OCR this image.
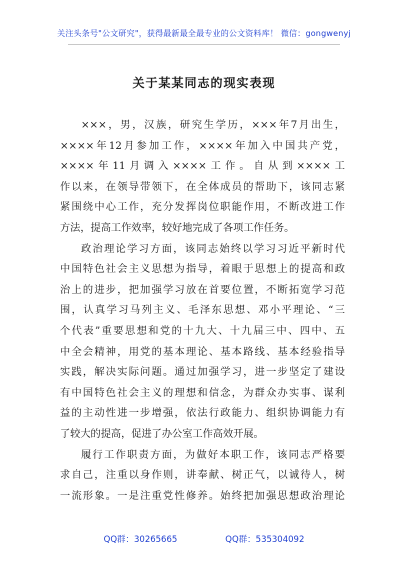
关注头条号"公文研究"，获得最新最全最专业的公文资料库！ 微信：gongwenyj
关于某某同志的现实表现
×××，男，汉族，研究生学历，×××年7月出生，
××××年12月参加工作，××××年加入中国共产党，
××××年11月调入××××工作。自从到××××工
作以来，在领导带领下，在全体成员的帮助下，该同志紧
紧围绕中心工作，充分发挥岗位职能作用，不断改进工作
方法，提高工作效率，较好地完成了各项工作任务。
政治理论学习方面，该同志始终以学习习近平新时代
中国特色社会主义思想为指导，着眼于思想上的提高和政
治上的进步，把加强学习放在首要位置，不断拓宽学习范
围，认真学习马列主义、毛泽东思想、邓小平理论、“三
个代表”重要思想和党的十九大、十九届三中、四中、五
中全会精神，用党的基本理论、基本路线、基本经验指导
实践，解决实际问题。通过加强学习，进一步坚定了建设
有中国特色社会主义的理想和信念，为群众办实事、谋利
益的主动性进一步增强，依法行政能力、组织协调能力有
了较大的提高，促进了办公室工作高效开展。
履行工作职责方面，为做好本职工作，该同志严格要
求自己，注重以身作则，讲奉献、树正气，以诚待人，树
一流形象。一是注重党性修养。始终把加强思想政治理论
QQ群：30265665	QQ群：535304092
